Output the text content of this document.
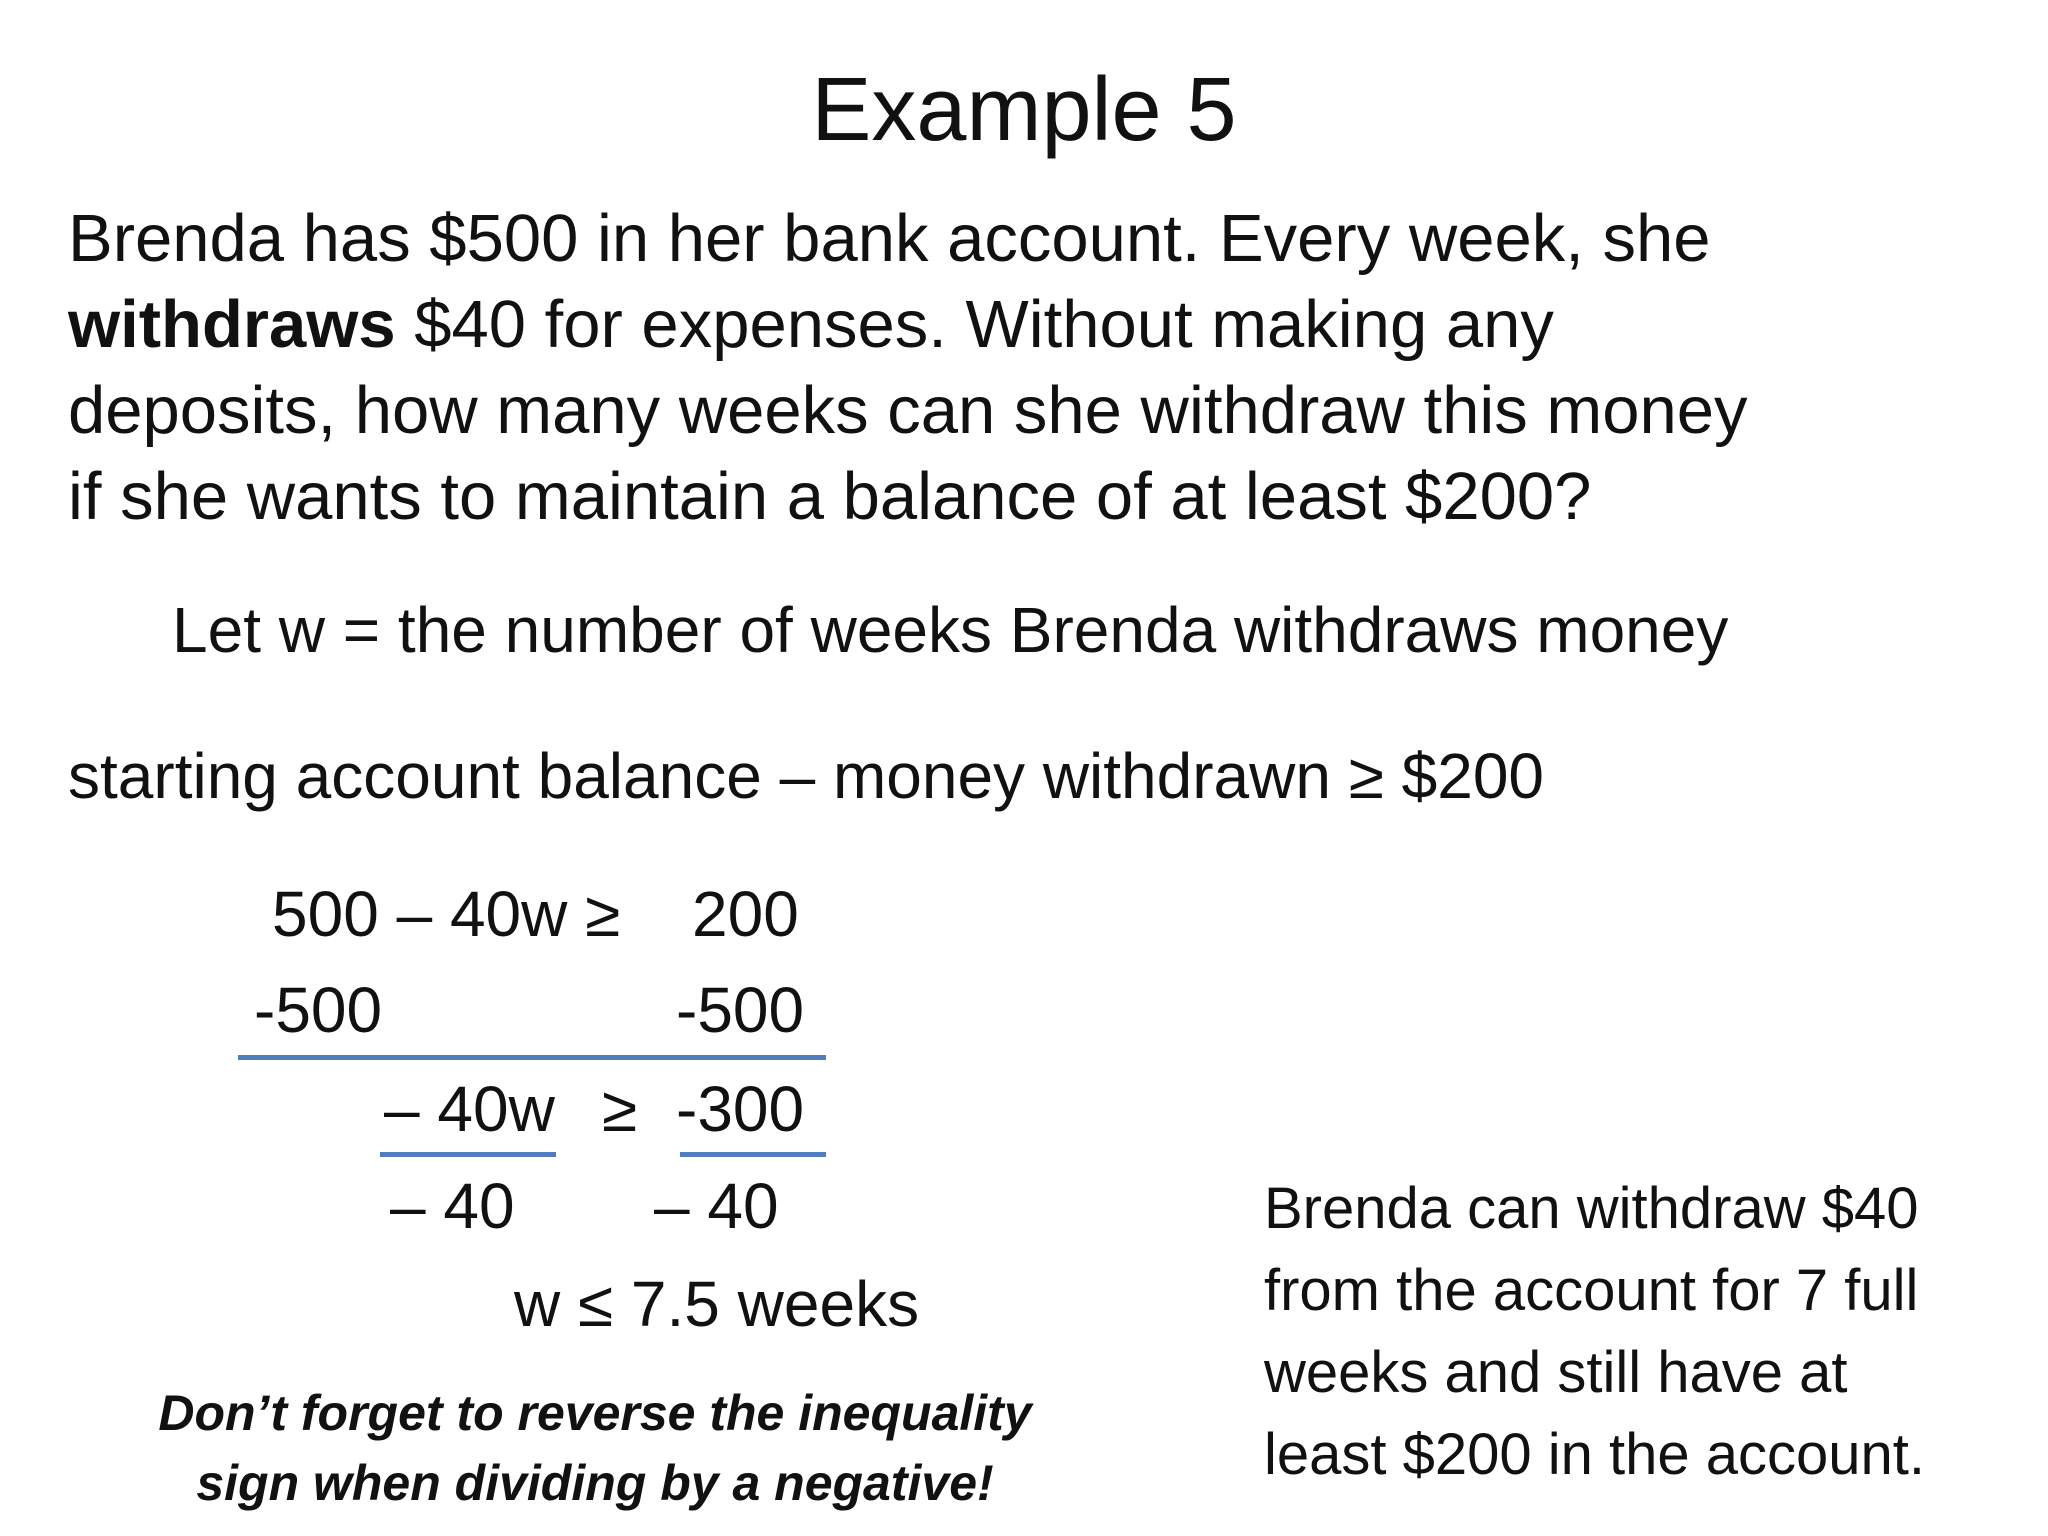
Example 5

Brenda has $500 in her bank account. Every week, she

withdraws $40 for expenses. Without making any

deposits, how many weeks can she withdraw this money

if she wants to maintain a balance of at least $200?

Let w = the number of weeks Brenda withdraws money
starting account balance – money withdrawn ≥ $200
500 – 40w ≥ 200
-500	-500
– 40w ≥ -300
– 40 – 40
w ≤ 7.5 weeks

Don’t forget to reverse the inequality

sign when dividing by a negative!

Brenda can withdraw $40

from the account for 7 full

weeks and still have at

least $200 in the account.
